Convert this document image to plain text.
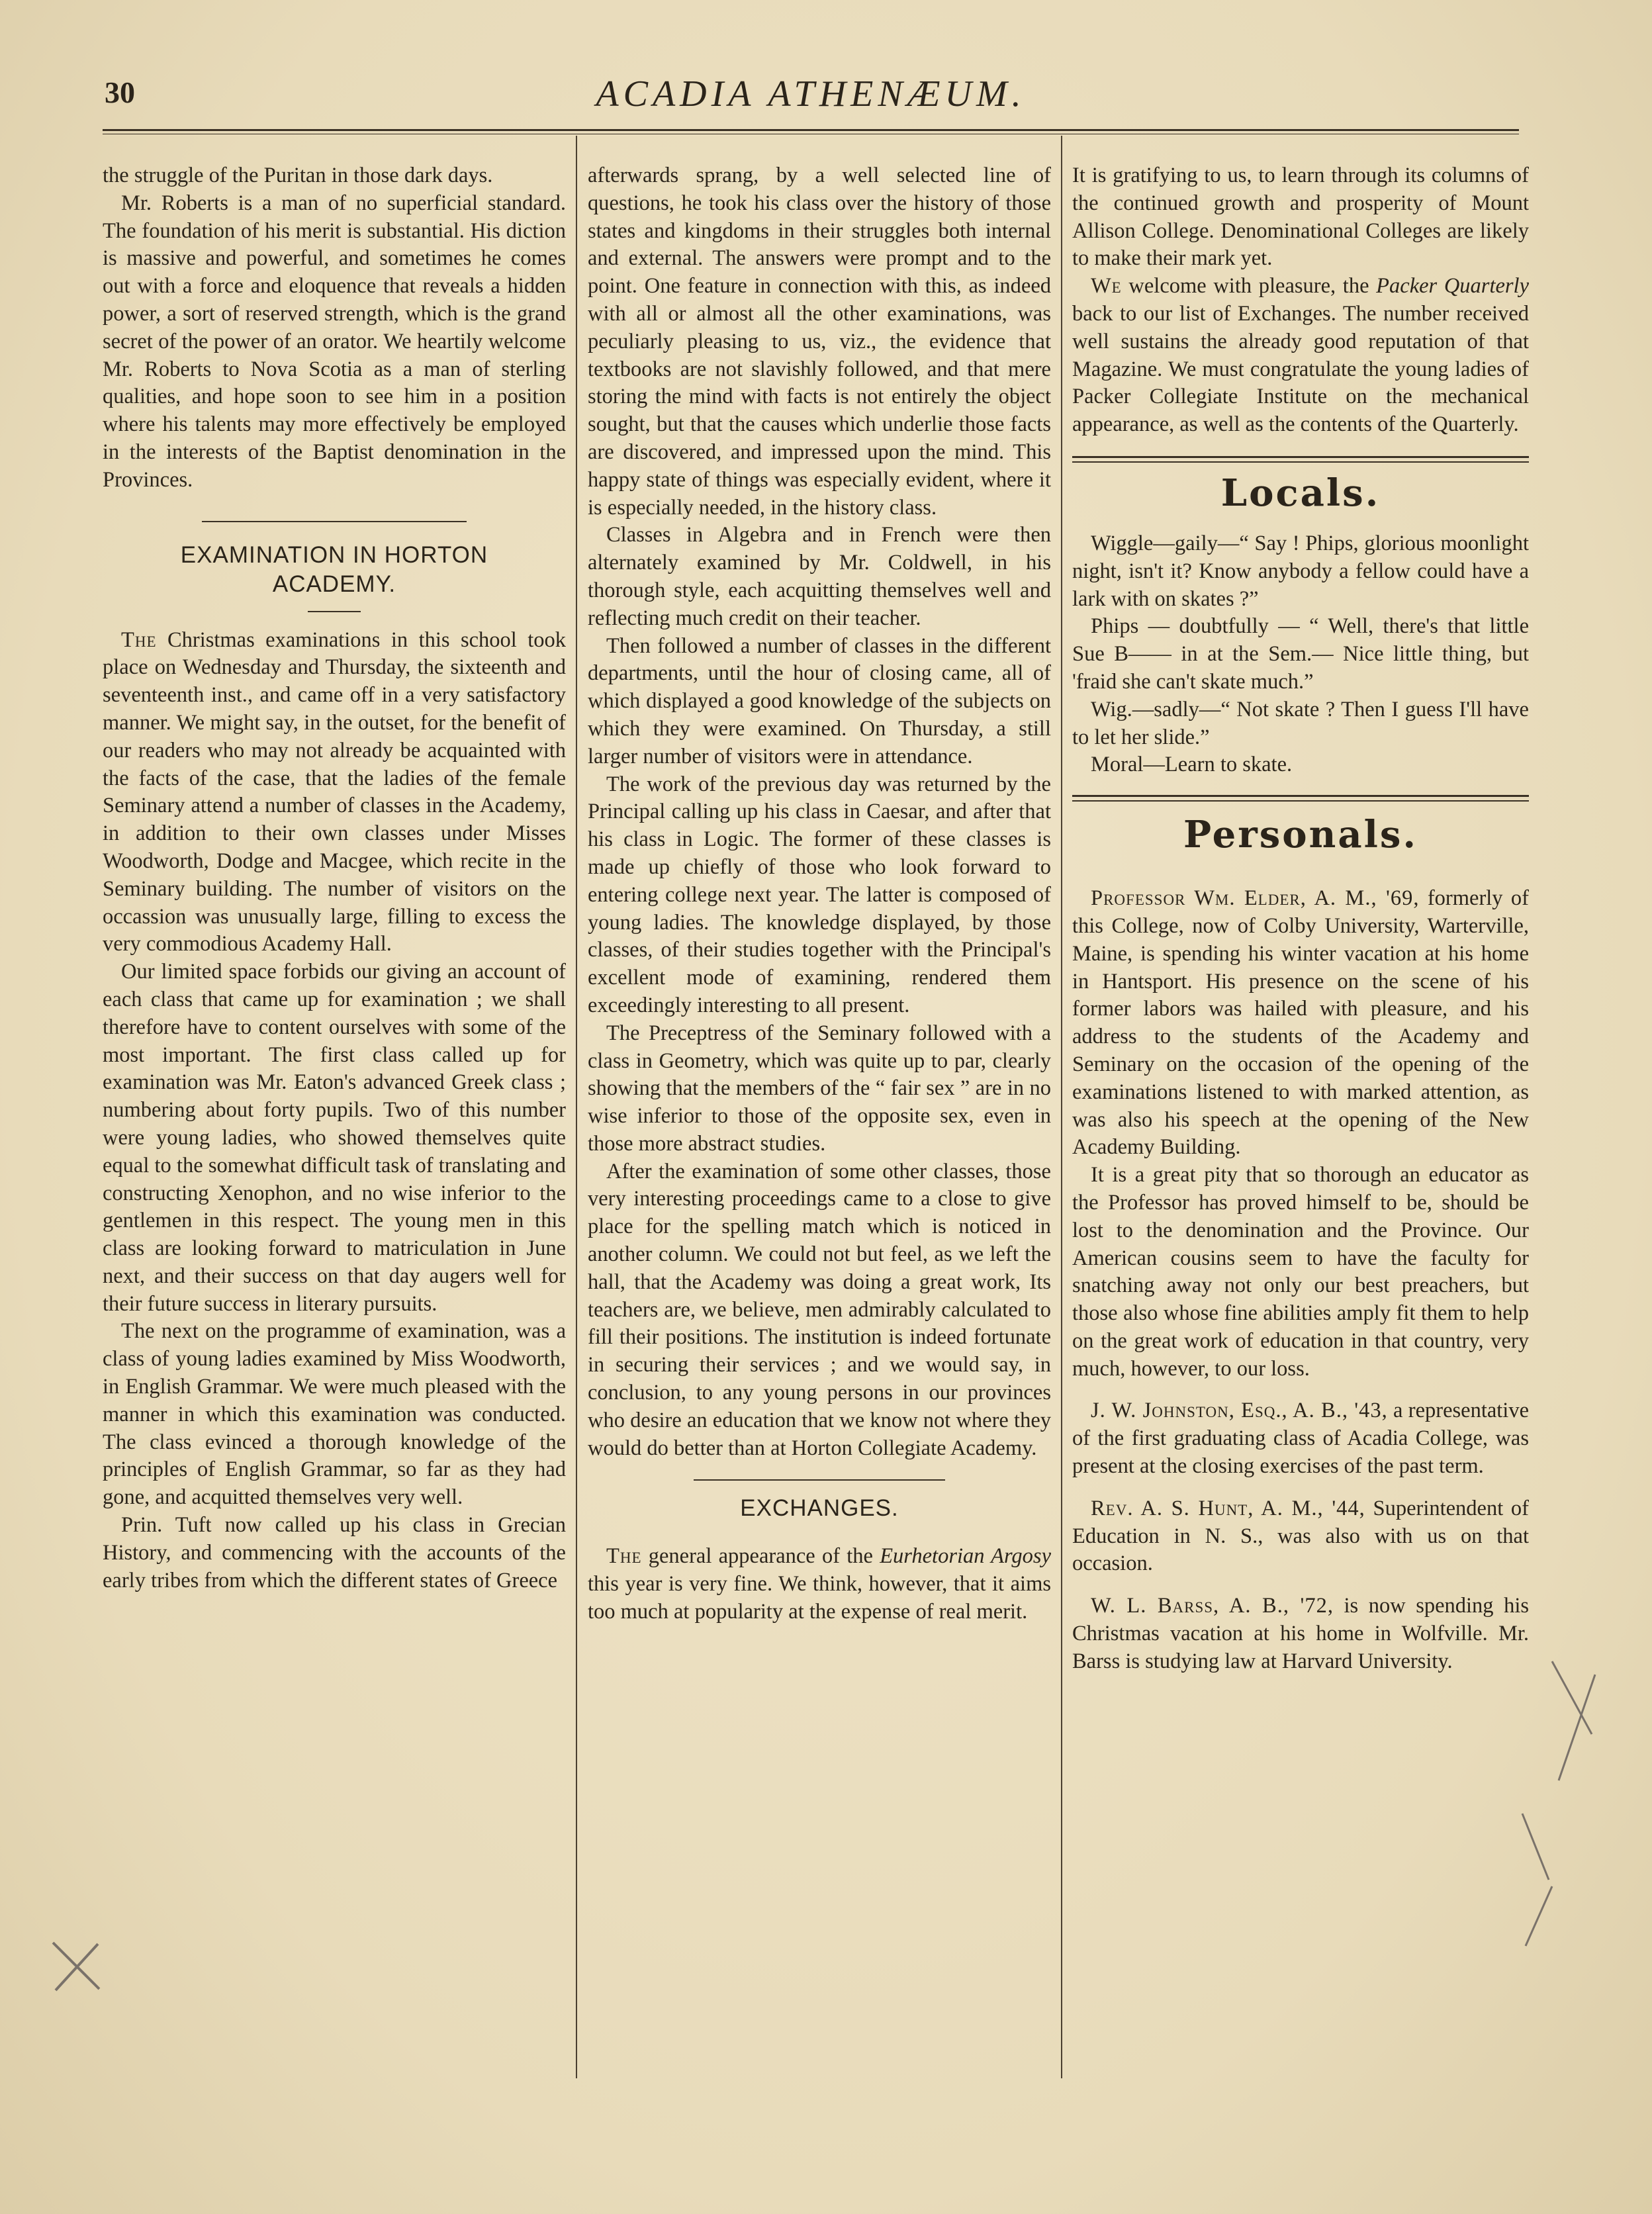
30	ACADIA ATHENÆUM.

the struggle of the Puritan in those dark days.

Mr. Roberts is a man of no superficial standard. The foundation of his merit is substantial. His diction is massive and powerful, and sometimes he comes out with a force and eloquence that reveals a hidden power, a sort of reserved strength, which is the grand secret of the power of an orator. We heartily welcome Mr. Roberts to Nova Scotia as a man of sterling qualities, and hope soon to see him in a position where his talents may more effectively be employed in the interests of the Baptist denomination in the Provinces.

EXAMINATION IN HORTON
ACADEMY.

The Christmas examinations in this school took place on Wednesday and Thursday, the sixteenth and seventeenth inst., and came off in a very satisfactory manner. We might say, in the outset, for the benefit of our readers who may not already be acquainted with the facts of the case, that the ladies of the female Seminary attend a number of classes in the Academy, in addition to their own classes under Misses Woodworth, Dodge and Macgee, which recite in the Seminary building. The number of visitors on the occassion was unusually large, filling to excess the very commodious Academy Hall.

Our limited space forbids our giving an account of each class that came up for examination ; we shall therefore have to content ourselves with some of the most important. The first class called up for examination was Mr. Eaton's advanced Greek class ; numbering about forty pupils. Two of this number were young ladies, who showed themselves quite equal to the somewhat difficult task of translating and constructing Xenophon, and no wise inferior to the gentlemen in this respect. The young men in this class are looking forward to matriculation in June next, and their success on that day augers well for their future success in literary pursuits.

The next on the programme of examination, was a class of young ladies examined by Miss Woodworth, in English Grammar. We were much pleased with the manner in which this examination was conducted. The class evinced a thorough knowledge of the principles of English Grammar, so far as they had gone, and acquitted themselves very well.

Prin. Tuft now called up his class in Grecian History, and commencing with the accounts of the early tribes from which the different states of Greece

afterwards sprang, by a well selected line of questions, he took his class over the history of those states and kingdoms in their struggles both internal and external. The answers were prompt and to the point. One feature in connection with this, as indeed with all or almost all the other examinations, was peculiarly pleasing to us, viz., the evidence that textbooks are not slavishly followed, and that mere storing the mind with facts is not entirely the object sought, but that the causes which underlie those facts are discovered, and impressed upon the mind. This happy state of things was especially evident, where it is especially needed, in the history class.

Classes in Algebra and in French were then alternately examined by Mr. Coldwell, in his thorough style, each acquitting themselves well and reflecting much credit on their teacher.

Then followed a number of classes in the different departments, until the hour of closing came, all of which displayed a good knowledge of the subjects on which they were examined. On Thursday, a still larger number of visitors were in attendance.

The work of the previous day was returned by the Principal calling up his class in Caesar, and after that his class in Logic. The former of these classes is made up chiefly of those who look forward to entering college next year. The latter is composed of young ladies. The knowledge displayed, by those classes, of their studies together with the Principal's excellent mode of examining, rendered them exceedingly interesting to all present.

The Preceptress of the Seminary followed with a class in Geometry, which was quite up to par, clearly showing that the members of the “ fair sex ” are in no wise inferior to those of the opposite sex, even in those more abstract studies.

After the examination of some other classes, those very interesting proceedings came to a close to give place for the spelling match which is noticed in another column. We could not but feel, as we left the hall, that the Academy was doing a great work, Its teachers are, we believe, men admirably calculated to fill their positions. The institution is indeed fortunate in securing their services ; and we would say, in conclusion, to any young persons in our provinces who desire an education that we know not where they would do better than at Horton Collegiate Academy.

EXCHANGES.

The general appearance of the Eurhetorian Argosy this year is very fine. We think, however, that it aims too much at popularity at the expense of real merit.

It is gratifying to us, to learn through its columns of the continued growth and prosperity of Mount Allison College. Denominational Colleges are likely to make their mark yet.

We welcome with pleasure, the Packer Quarterly back to our list of Exchanges. The number received well sustains the already good reputation of that Magazine. We must congratulate the young ladies of Packer Collegiate Institute on the mechanical appearance, as well as the contents of the Quarterly.

Locals.

Wiggle—gaily—“ Say ! Phips, glorious moonlight night, isn't it? Know anybody a fellow could have a lark with on skates ?”

Phips — doubtfully — “ Well, there's that little Sue B—— in at the Sem.— Nice little thing, but 'fraid she can't skate much.”

Wig.—sadly—“ Not skate ? Then I guess I'll have to let her slide.”

Moral—Learn to skate.

Personals.

Professor Wm. Elder, A. M., '69, formerly of this College, now of Colby University, Warterville, Maine, is spending his winter vacation at his home in Hantsport. His presence on the scene of his former labors was hailed with pleasure, and his address to the students of the Academy and Seminary on the occasion of the opening of the examinations listened to with marked attention, as was also his speech at the opening of the New Academy Building.

It is a great pity that so thorough an educator as the Professor has proved himself to be, should be lost to the denomination and the Province. Our American cousins seem to have the faculty for snatching away not only our best preachers, but those also whose fine abilities amply fit them to help on the great work of education in that country, very much, however, to our loss.

J. W. Johnston, Esq., A. B., '43, a representative of the first graduating class of Acadia College, was present at the closing exercises of the past term.

Rev. A. S. Hunt, A. M., '44, Superintendent of Education in N. S., was also with us on that occasion.

W. L. Barss, A. B., '72, is now spending his Christmas vacation at his home in Wolfville. Mr. Barss is studying law at Harvard University.
